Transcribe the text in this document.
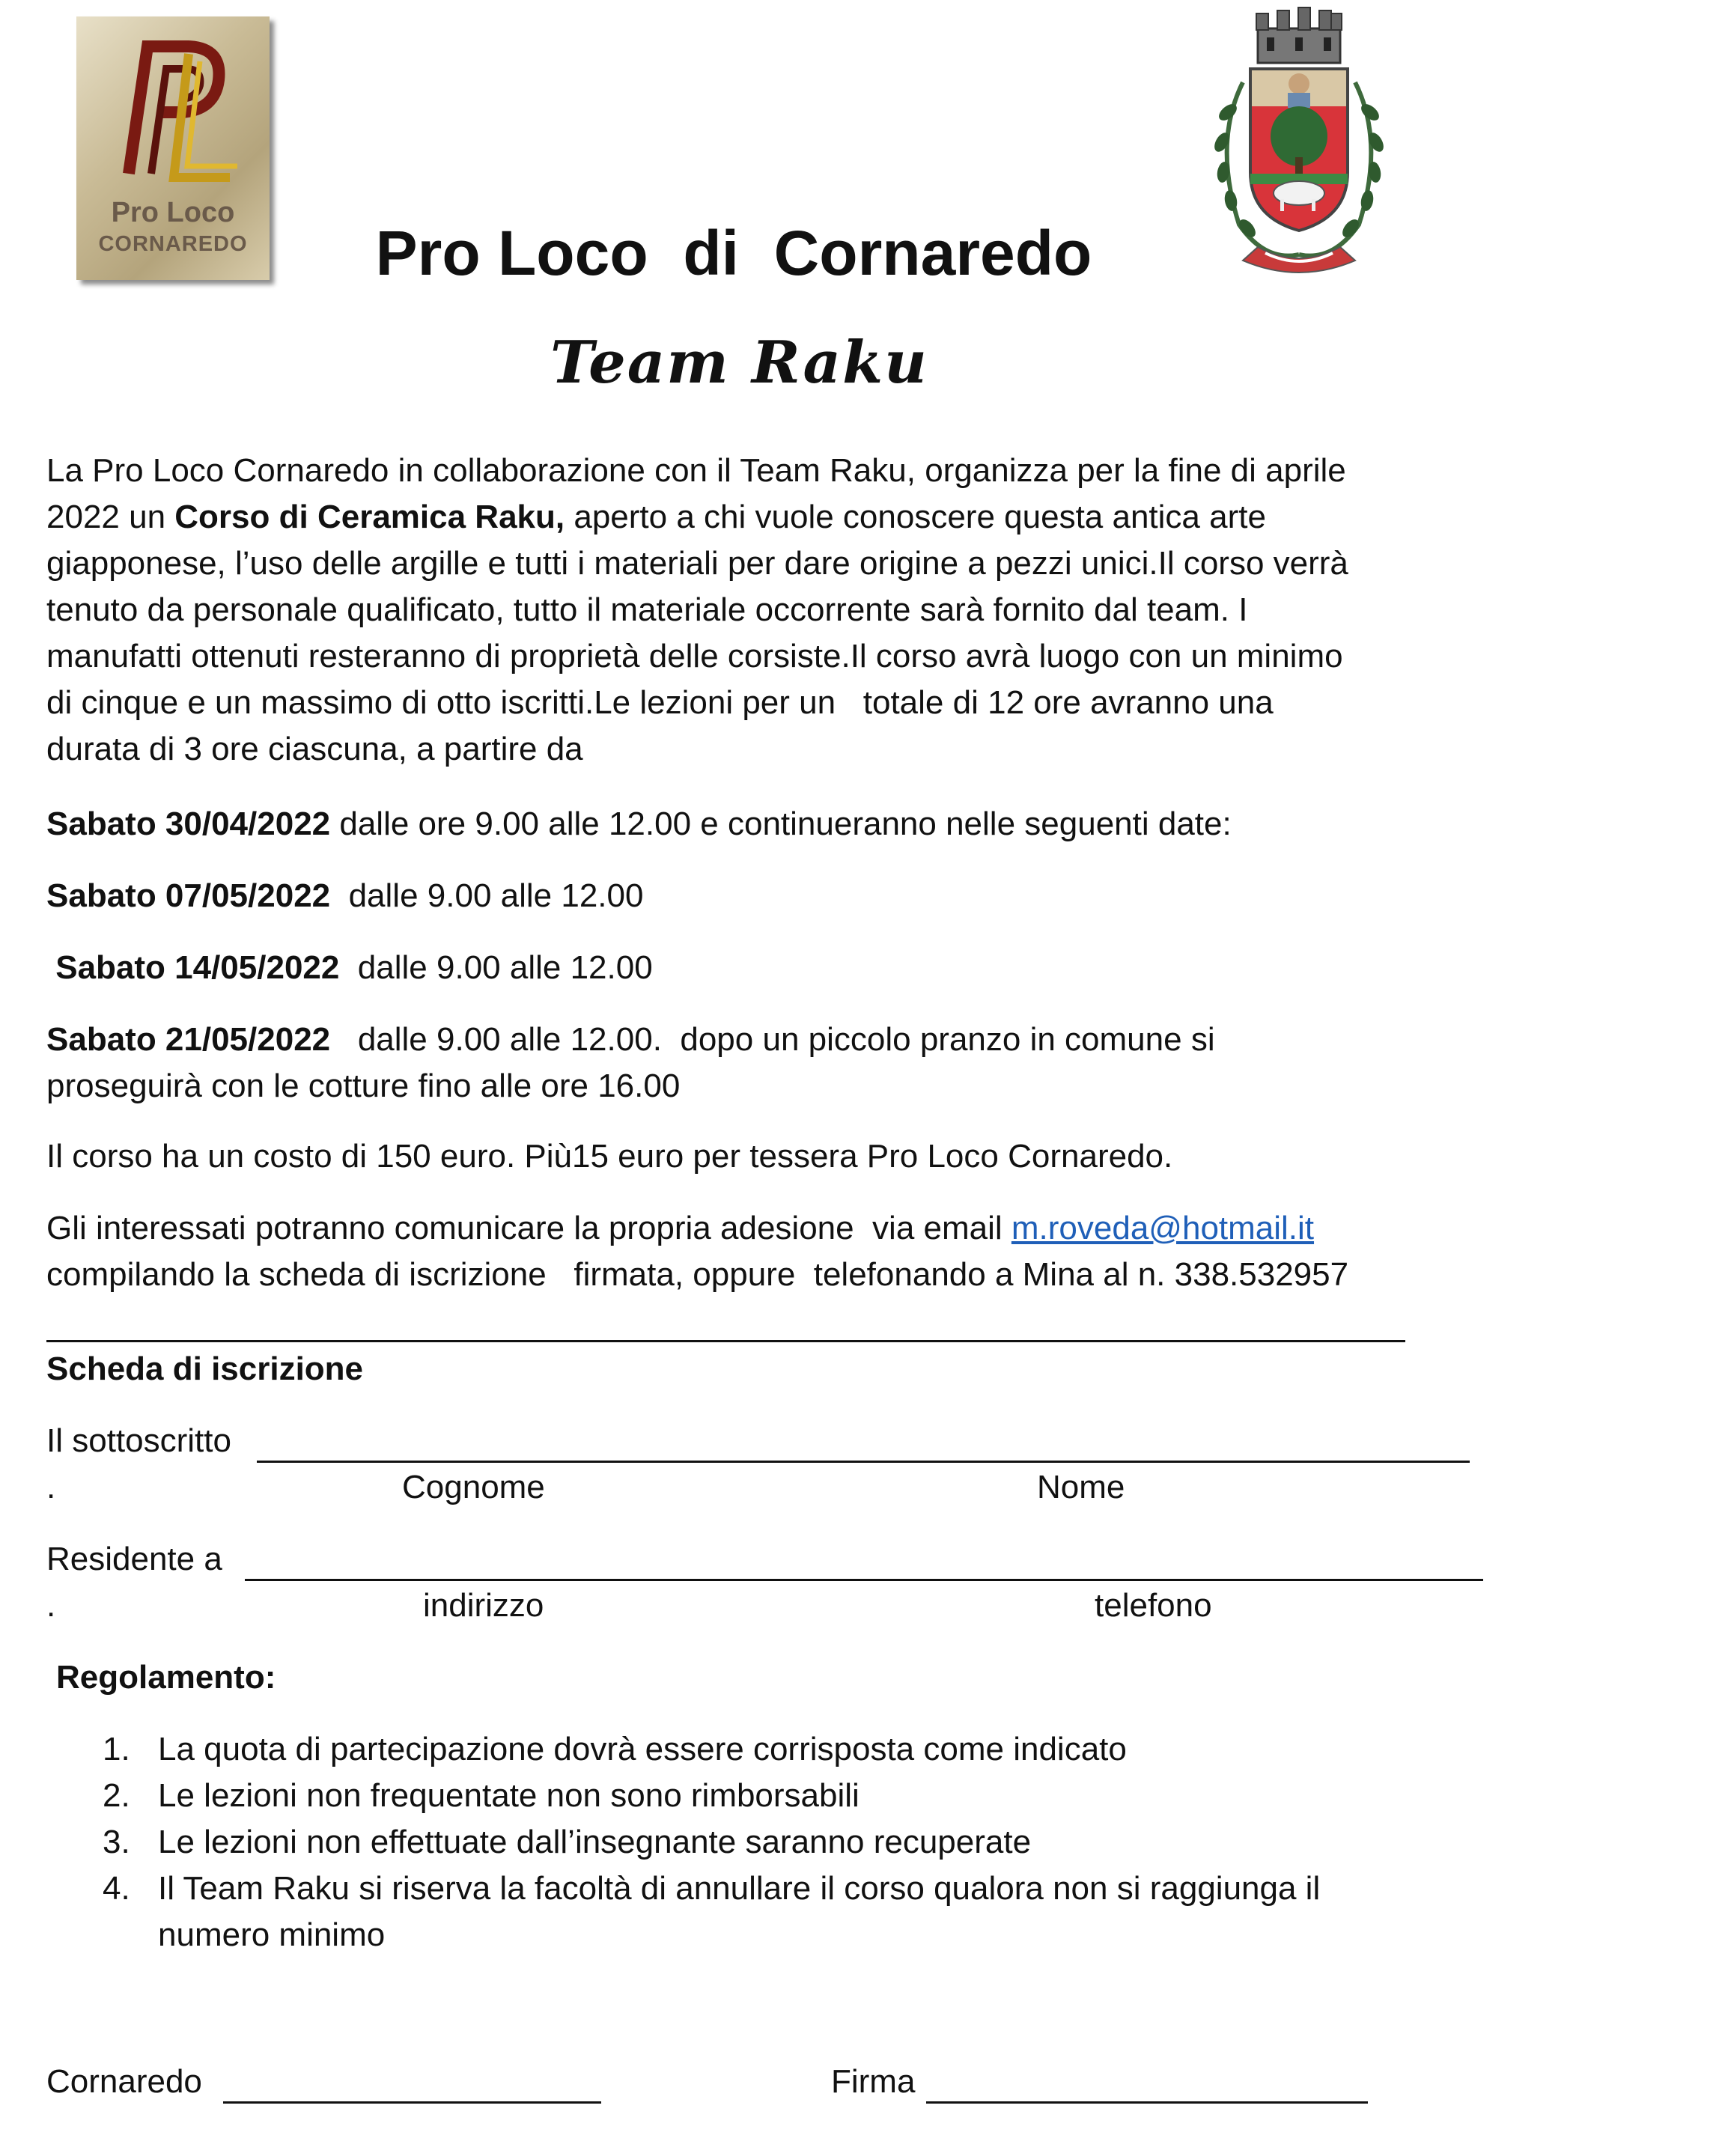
Pro Loco
CORNAREDO	Pro Loco  di  Cornaredo
Team Raku
La Pro Loco Cornaredo in collaborazione con il Team Raku, organizza per la fine di aprile
2022 un Corso di Ceramica Raku, aperto a chi vuole conoscere questa antica arte
giapponese, l’uso delle argille e tutti i materiali per dare origine a pezzi unici.Il corso verrà
tenuto da personale qualificato, tutto il materiale occorrente sarà fornito dal team. I
manufatti ottenuti resteranno di proprietà delle corsiste.Il corso avrà luogo con un minimo
di cinque e un massimo di otto iscritti.Le lezioni per un   totale di 12 ore avranno una
durata di 3 ore ciascuna, a partire da
Sabato 30/04/2022 dalle ore 9.00 alle 12.00 e continueranno nelle seguenti date:
Sabato 07/05/2022  dalle 9.00 alle 12.00
Sabato 14/05/2022  dalle 9.00 alle 12.00
Sabato 21/05/2022   dalle 9.00 alle 12.00.  dopo un piccolo pranzo in comune si
proseguirà con le cotture fino alle ore 16.00
Il corso ha un costo di 150 euro. Più15 euro per tessera Pro Loco Cornaredo.
Gli interessati potranno comunicare la propria adesione  via email m.roveda@hotmail.it
compilando la scheda di iscrizione   firmata, oppure  telefonando a Mina al n. 338.532957
Scheda di iscrizione
Il sottoscritto
.	Cognome	Nome
Residente a
.	indirizzo	telefono
Regolamento:
1. La quota di partecipazione dovrà essere corrisposta come indicato
2. Le lezioni non frequentate non sono rimborsabili
3. Le lezioni non effettuate dall’insegnante saranno recuperate
4. Il Team Raku si riserva la facoltà di annullare il corso qualora non si raggiunga il
numero minimo
Cornaredo	Firma
